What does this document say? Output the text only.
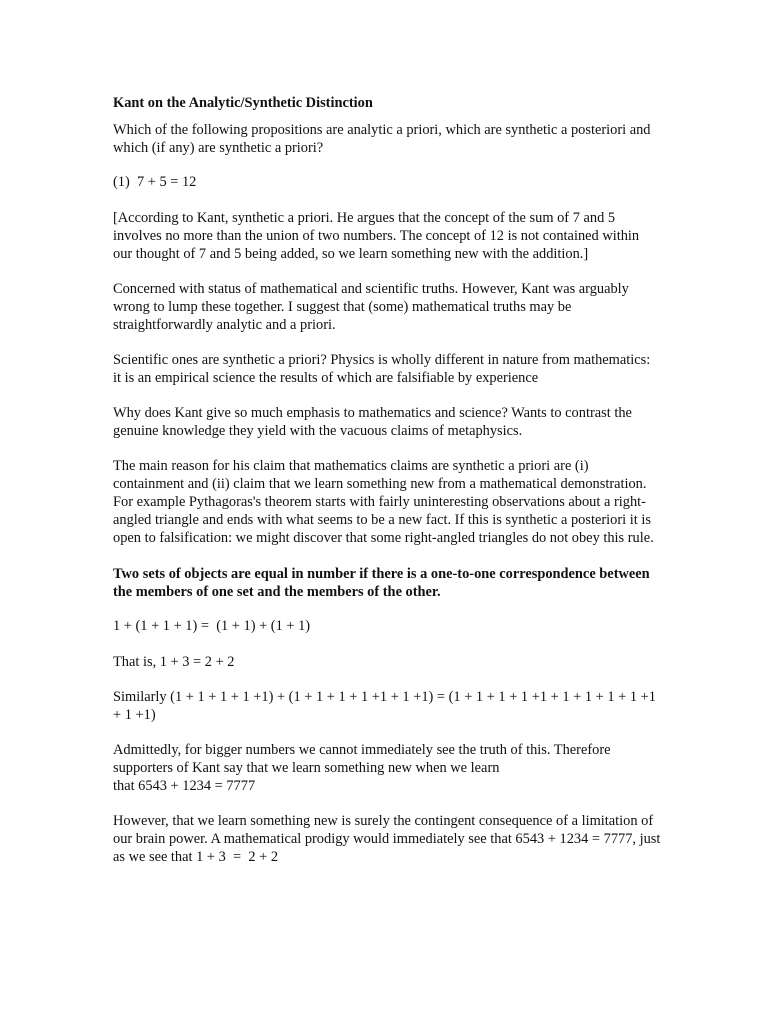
Kant on the Analytic/Synthetic Distinction
Which of the following propositions are analytic a priori, which are synthetic a posteriori and which (if any) are synthetic a priori?
(1)  7 + 5 = 12
[According to Kant, synthetic a priori. He argues that the concept of the sum of 7 and 5 involves no more than the union of two numbers. The concept of 12 is not contained within our thought of 7 and 5 being added, so we learn something new with the addition.]
Concerned with status of mathematical and scientific truths. However, Kant was arguably wrong to lump these together. I suggest that (some) mathematical truths may be straightforwardly analytic and a priori.
Scientific ones are synthetic a priori? Physics is wholly different in nature from mathematics: it is an empirical science the results of which are falsifiable by experience
Why does Kant give so much emphasis to mathematics and science? Wants to contrast the genuine knowledge they yield with the vacuous claims of metaphysics.
The main reason for his claim that mathematics claims are synthetic a priori are (i) containment and (ii) claim that we learn something new from a mathematical demonstration. For example Pythagoras's theorem starts with fairly uninteresting observations about a right-angled triangle and ends with what seems to be a new fact. If this is synthetic a posteriori it is open to falsification: we might discover that some right-angled triangles do not obey this rule.
Two sets of objects are equal in number if there is a one-to-one correspondence between the members of one set and the members of the other.
1 + (1 + 1 + 1) =  (1 + 1) + (1 + 1)
That is, 1 + 3 = 2 + 2
Similarly (1 + 1 + 1 + 1 +1) + (1 + 1 + 1 + 1 +1 + 1 +1) = (1 + 1 + 1 + 1 +1 + 1 + 1 + 1 + 1 +1 + 1 +1)
Admittedly, for bigger numbers we cannot immediately see the truth of this. Therefore supporters of Kant say that we learn something new when we learn
that 6543 + 1234 = 7777
However, that we learn something new is surely the contingent consequence of a limitation of our brain power. A mathematical prodigy would immediately see that 6543 + 1234 = 7777, just as we see that 1 + 3  =  2 + 2
